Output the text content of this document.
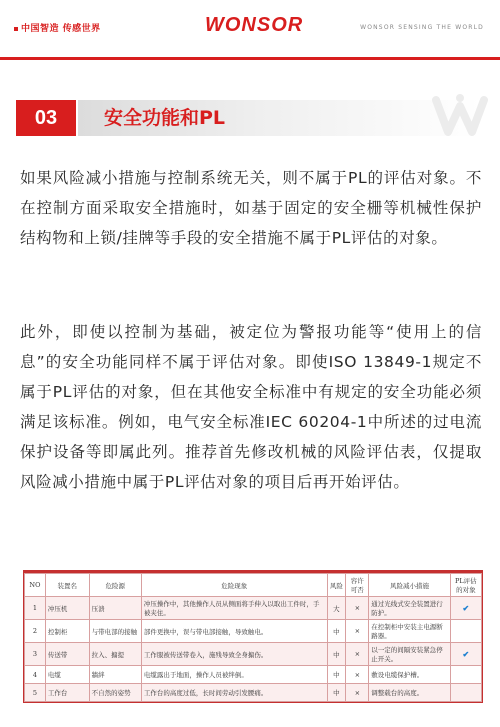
中国智造 传感世界	WONSOR	WONSOR SENSING THE WORLD
03	安全功能和PL
如果风险减小措施与控制系统无关，则不属于PL的评估对象。不在控制方面采取安全措施时，如基于固定的安全栅等机械性保护结构物和上锁/挂牌等手段的安全措施不属于PL评估的对象。
此外，即使以控制为基础，被定位为警报功能等“使用上的信息”的安全功能同样不属于评估对象。即使ISO 13849-1规定不属于PL评估的对象，但在其他安全标准中有规定的安全功能必须满足该标准。例如，电气安全标准IEC 60204-1中所述的过电流保护设备等即属此列。推荐首先修改机械的风险评估表，仅提取风险减小措施中属于PL评估对象的项目后再开始评估。
NO	装置名	危险源	危险现象	风险	容许可否	风险减小措施	PL评估的对象
1	冲压机	压溃	冲压操作中，其他操作人员从侧面将手伸入以取出工件时，手被夹住。	大	×	通过光线式安全装置进行防护。	✔
2	控制柜	与带电部的接触	部件更换中，误与带电部接触，导致触电。	中	×	在控制柜中安装主电源断路器。	
3	传送带	拉入、搧提	工作服被传送带卷入，施残导致全身搧伤。	中	×	以一定的间隔安装紧急停止开关。	✔
4	电缆	牆絆	电缆露出于地面，操作人员被绊倒。	中	×	敷设电缆保护槽。	
5	工作台	不自然的姿势	工作台的高度过低，长时间劳动引发腰痛。	中	×	调整载台的高度。	
